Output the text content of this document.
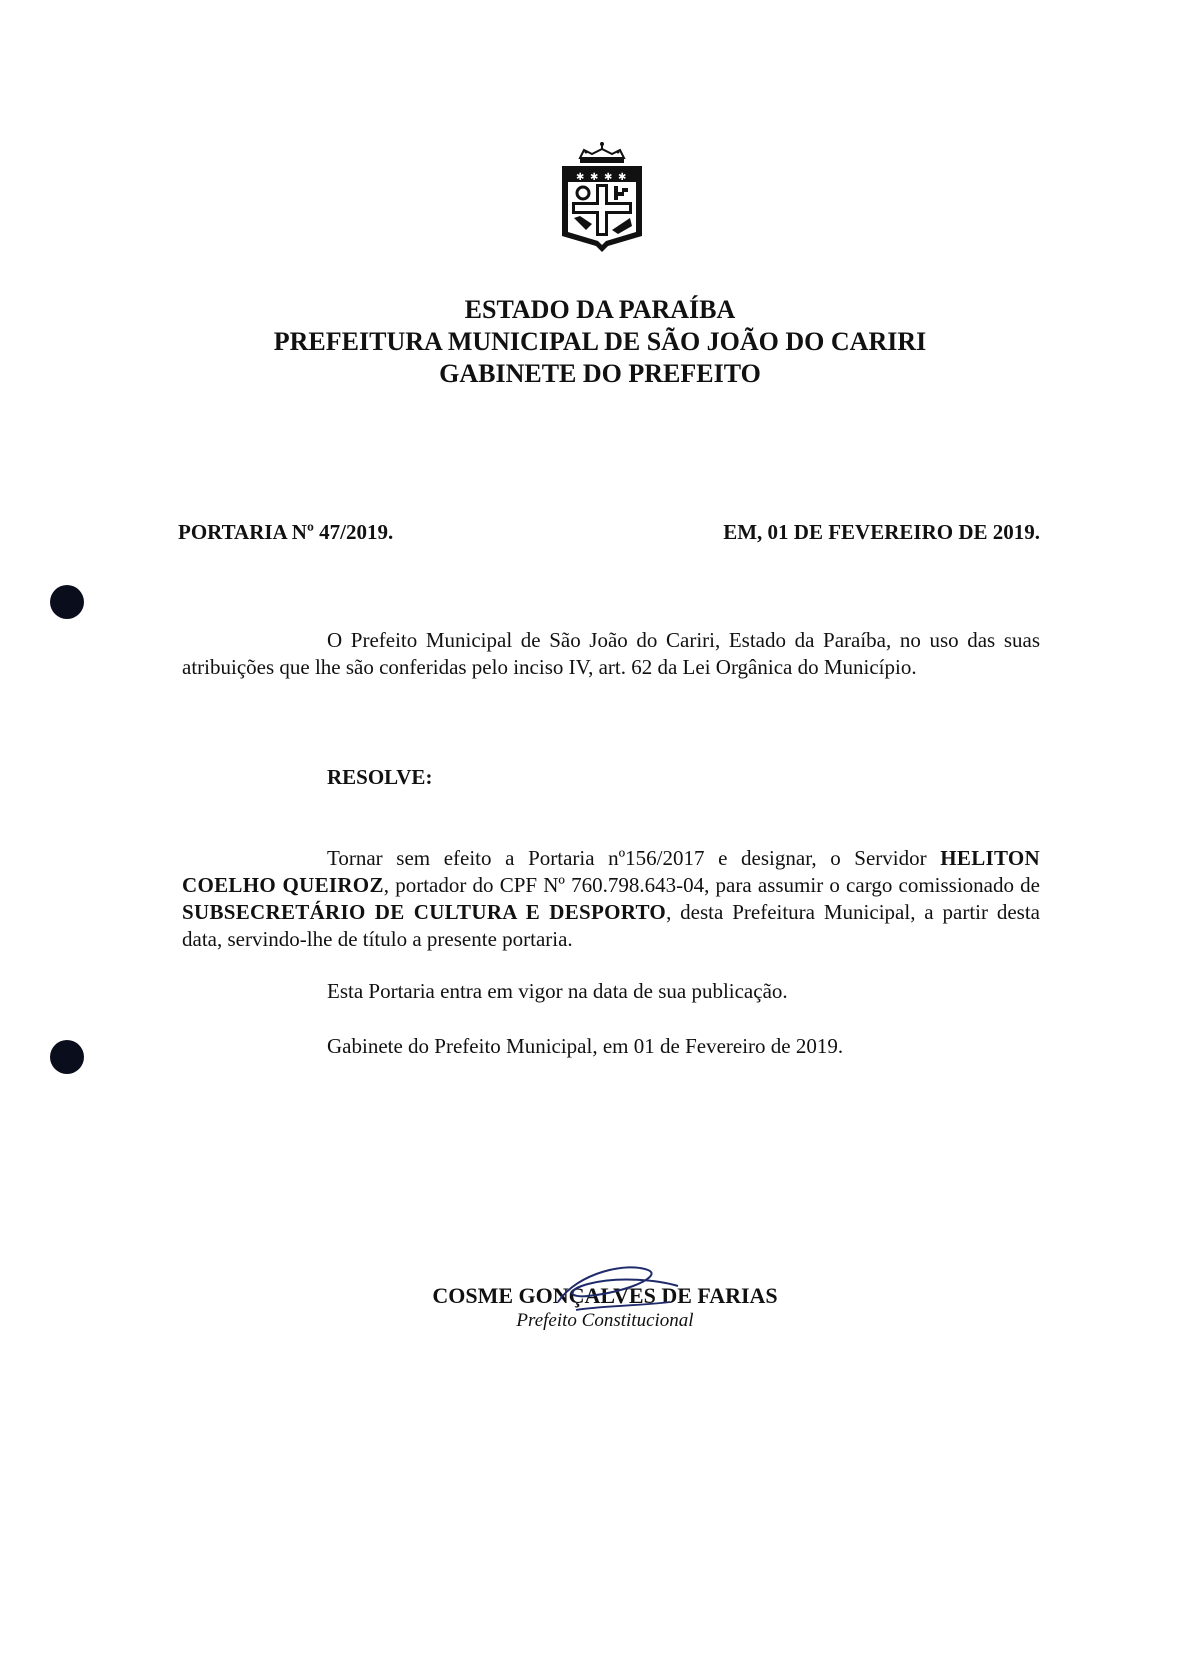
✱ ✱ ✱ ✱
ESTADO DA PARAÍBA
PREFEITURA MUNICIPAL DE SÃO JOÃO DO CARIRI
GABINETE DO PREFEITO
PORTARIA Nº 47/2019.	EM, 01 DE FEVEREIRO DE 2019.
O Prefeito Municipal de São João do Cariri, Estado da Paraíba, no uso das suas atribuições que lhe são conferidas pelo inciso IV, art. 62 da Lei Orgânica do Município.
RESOLVE:
Tornar sem efeito a Portaria nº156/2017 e designar, o Servidor HELITON COELHO QUEIROZ, portador do CPF Nº 760.798.643-04, para assumir o cargo comissionado de SUBSECRETÁRIO DE CULTURA E DESPORTO, desta Prefeitura Municipal, a partir desta data, servindo-lhe de título a presente portaria.
Esta Portaria entra em vigor na data de sua publicação.
Gabinete do Prefeito Municipal, em 01 de Fevereiro de 2019.
COSME GONÇALVES DE FARIAS
Prefeito Constitucional
